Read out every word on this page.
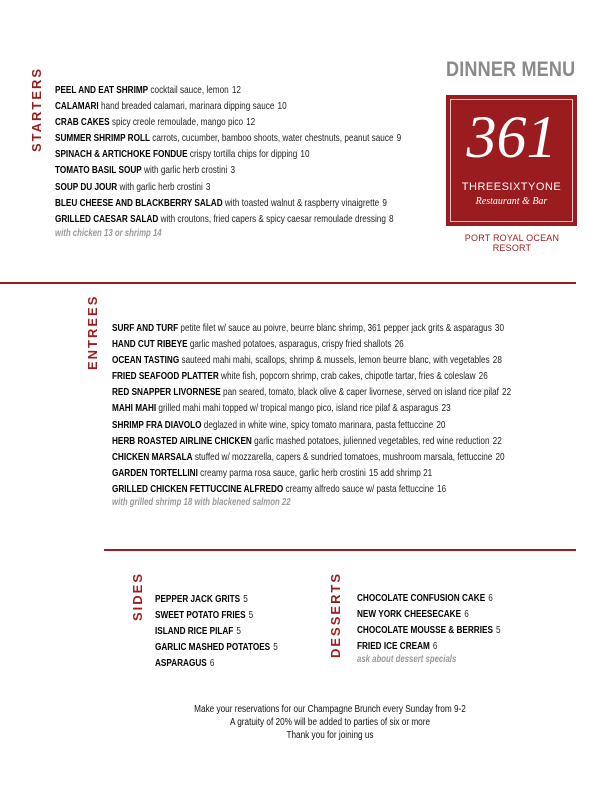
DINNER MENU
361
THREESIXTYONE
Restaurant & Bar
PORT ROYAL OCEAN RESORT
STARTERS PEEL AND EAT SHRIMP cocktail sauce, lemon 12
CALAMARI hand breaded calamari, marinara dipping sauce 10
CRAB CAKES spicy creole remoulade, mango pico 12
SUMMER SHRIMP ROLL carrots, cucumber, bamboo shoots, water chestnuts, peanut sauce 9
SPINACH & ARTICHOKE FONDUE crispy tortilla chips for dipping 10
TOMATO BASIL SOUP with garlic herb crostini 3
SOUP DU JOUR with garlic herb crostini 3
BLEU CHEESE AND BLACKBERRY SALAD with toasted walnut & raspberry vinaigrette 9
GRILLED CAESAR SALAD with croutons, fried capers & spicy caesar remoulade dressing 8
with chicken 13 or shrimp 14
ENTREES SURF AND TURF petite filet w/ sauce au poivre, beurre blanc shrimp, 361 pepper jack grits & asparagus 30
HAND CUT RIBEYE garlic mashed potatoes, asparagus, crispy fried shallots 26
OCEAN TASTING sauteed mahi mahi, scallops, shrimp & mussels, lemon beurre blanc, with vegetables 28
FRIED SEAFOOD PLATTER white fish, popcorn shrimp, crab cakes, chipotle tartar, fries & coleslaw 26
RED SNAPPER LIVORNESE pan seared, tomato, black olive & caper livornese, served on island rice pilaf 22
MAHI MAHI grilled mahi mahi topped w/ tropical mango pico, island rice pilaf & asparagus 23
SHRIMP FRA DIAVOLO deglazed in white wine, spicy tomato marinara, pasta fettuccine 20
HERB ROASTED AIRLINE CHICKEN garlic mashed potatoes, julienned vegetables, red wine reduction 22
CHICKEN MARSALA stuffed w/ mozzarella, capers & sundried tomatoes, mushroom marsala, fettuccine 20
GARDEN TORTELLINI creamy parma rosa sauce, garlic herb crostini 15 add shrimp 21
GRILLED CHICKEN FETTUCCINE ALFREDO creamy alfredo sauce w/ pasta fettuccine 16
with grilled shrimp 18 with blackened salmon 22
SIDES PEPPER JACK GRITS 5
SWEET POTATO FRIES 5
ISLAND RICE PILAF 5
GARLIC MASHED POTATOES 5
ASPARAGUS 6
DESSERTS CHOCOLATE CONFUSION CAKE 6
NEW YORK CHEESECAKE 6
CHOCOLATE MOUSSE & BERRIES 5
FRIED ICE CREAM 6
ask about dessert specials
Make your reservations for our Champagne Brunch every Sunday from 9-2
A gratuity of 20% will be added to parties of six or more
Thank you for joining us
